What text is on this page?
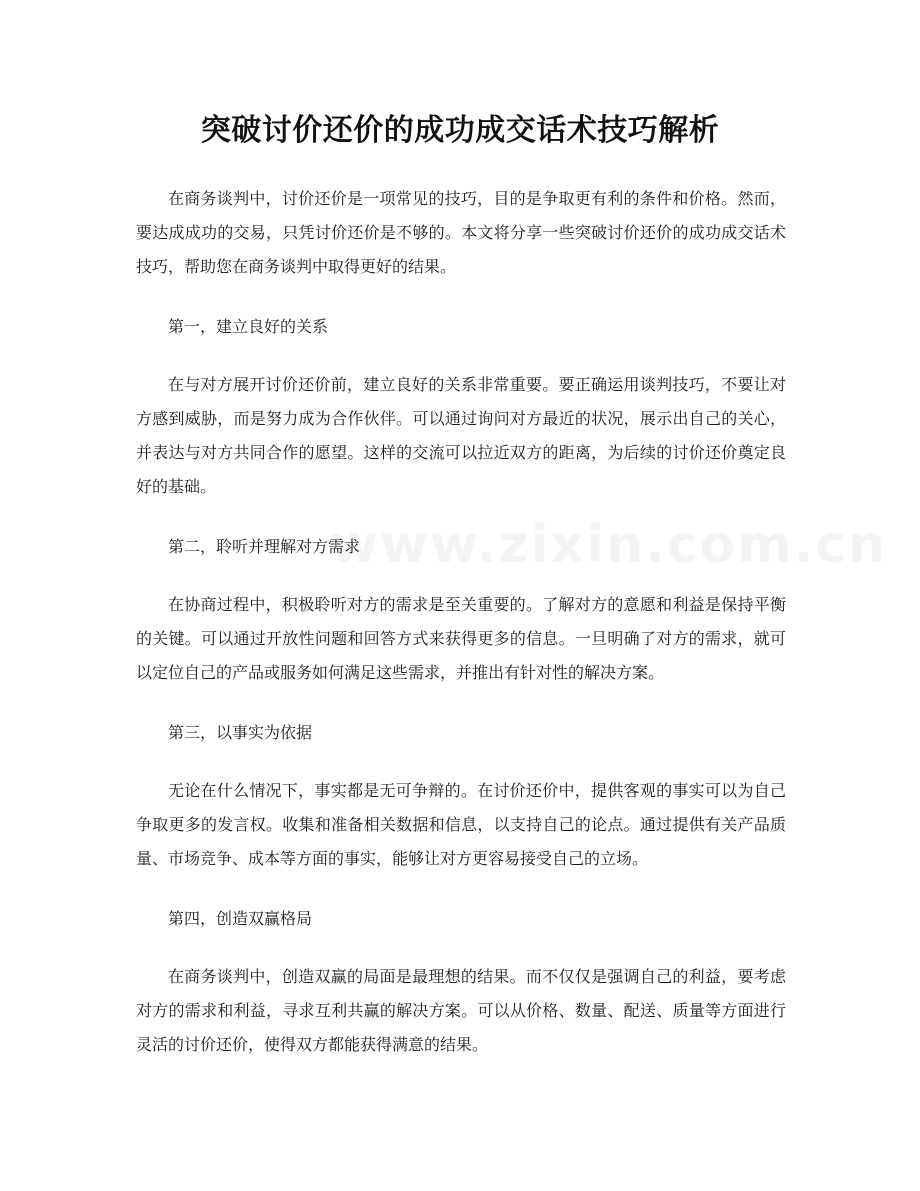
突破讨价还价的成功成交话术技巧解析

在商务谈判中，讨价还价是一项常见的技巧，目的是争取更有利的条件和价格。然而，要达成成功的交易，只凭讨价还价是不够的。本文将分享一些突破讨价还价的成功成交话术技巧，帮助您在商务谈判中取得更好的结果。

第一，建立良好的关系

在与对方展开讨价还价前，建立良好的关系非常重要。要正确运用谈判技巧，不要让对方感到威胁，而是努力成为合作伙伴。可以通过询问对方最近的状况，展示出自己的关心，并表达与对方共同合作的愿望。这样的交流可以拉近双方的距离，为后续的讨价还价奠定良好的基础。

第二，聆听并理解对方需求

在协商过程中，积极聆听对方的需求是至关重要的。了解对方的意愿和利益是保持平衡的关键。可以通过开放性问题和回答方式来获得更多的信息。一旦明确了对方的需求，就可以定位自己的产品或服务如何满足这些需求，并推出有针对性的解决方案。

第三，以事实为依据

无论在什么情况下，事实都是无可争辩的。在讨价还价中，提供客观的事实可以为自己争取更多的发言权。收集和准备相关数据和信息，以支持自己的论点。通过提供有关产品质量、市场竞争、成本等方面的事实，能够让对方更容易接受自己的立场。

第四，创造双赢格局

在商务谈判中，创造双赢的局面是最理想的结果。而不仅仅是强调自己的利益，要考虑对方的需求和利益，寻求互利共赢的解决方案。可以从价格、数量、配送、质量等方面进行灵活的讨价还价，使得双方都能获得满意的结果。
